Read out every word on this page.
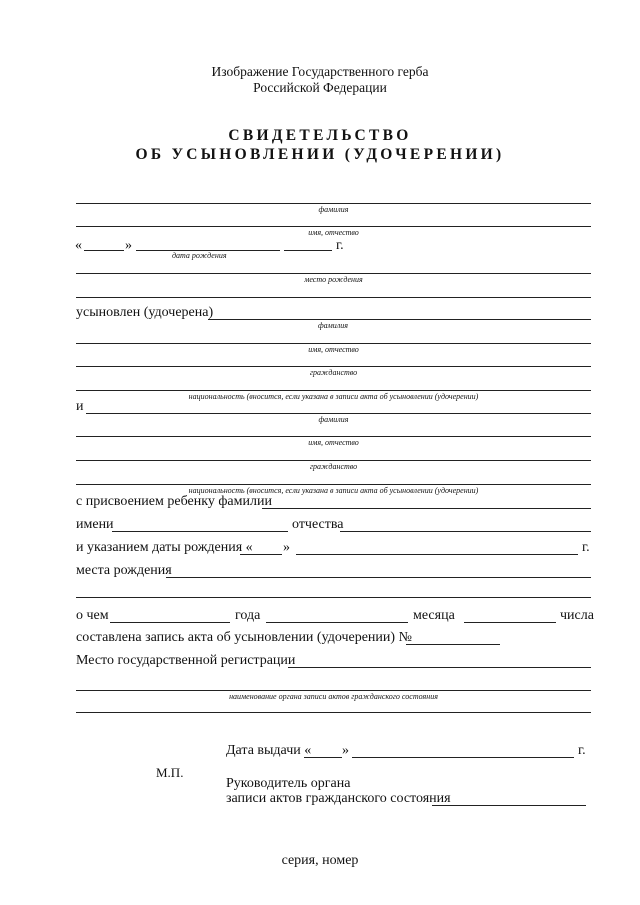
Изображение Государственного герба
Российской Федерации
СВИДЕТЕЛЬСТВО
ОБ УСЫНОВЛЕНИИ (УДОЧЕРЕНИИ)
фамилия
имя, отчество
«	»	г.
дата рождения
место рождения
усыновлен (удочерена)
фамилия
имя, отчество
гражданство
национальность (вносится, если указана в записи акта об усыновлении (удочерении)
и
фамилия
имя, отчество
гражданство
национальность (вносится, если указана в записи акта об усыновлении (удочерении)
с присвоением ребенку фамилии
имени	отчества
и указанием даты рождения « »	г.
места рождения
о чем	года	месяца	числа
составлена запись акта об усыновлении (удочерении) №
Место государственной регистрации
наименование органа записи актов гражданского состояния
Дата выдачи « »	г.
М.П.
Руководитель органа
записи актов гражданского состояния
серия, номер
